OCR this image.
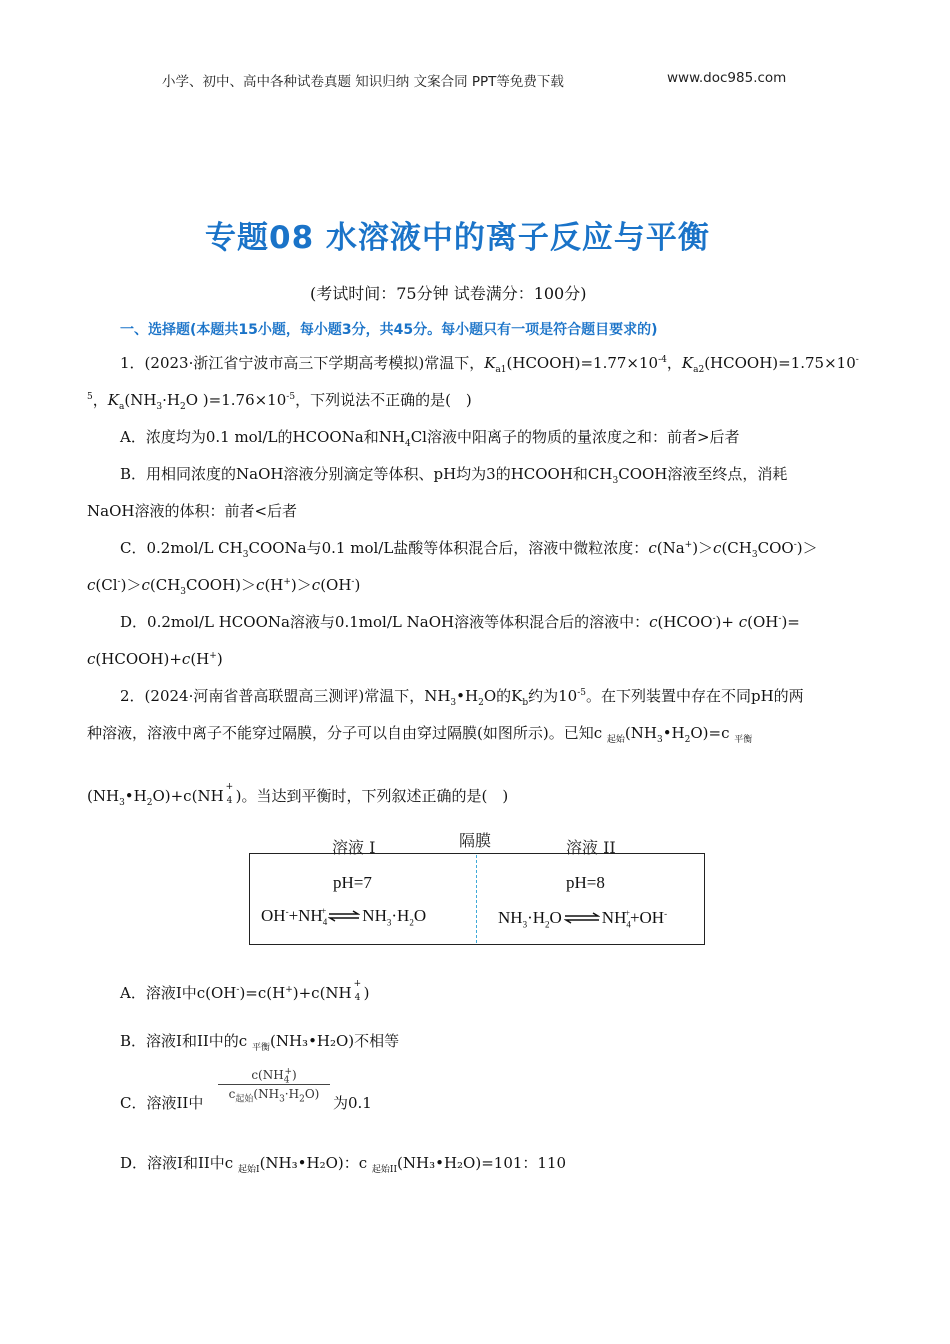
小学、初中、高中各种试卷真题 知识归纳 文案合同 PPT等免费下载	www.doc985.com
专题08 水溶液中的离子反应与平衡
(考试时间：75分钟 试卷满分：100分)
一、选择题(本题共15小题，每小题3分，共45分。每小题只有一项是符合题目要求的)
1．(2023·浙江省宁波市高三下学期高考模拟)常温下，$K_{a1}(HCOOH)=1.77\times 10^{-4}$，$K_{a2}(HCOOH)=1.75\times 10^-$
$^5$，$K_a(NH_3\cdot H_2O$ )$=1.76\times 10^{-5}$，下列说法不正确的是(　)
A．浓度均为0.1 mol/L的HCOONa和$NH_4Cl$溶液中阳离子的物质的量浓度之和：前者>后者
B．用相同浓度的NaOH溶液分别滴定等体积、pH均为3的HCOOH和$CH_3COOH$溶液至终点，消耗
NaOH溶液的体积：前者<后者
C．0.2mol/L $CH_3COONa$与0.1 mol/L盐酸等体积混合后，溶液中微粒浓度：$c(Na^+)>c(CH_3COO^-)>$
$c(Cl^-)>c(CH_3COOH)>c(H^+)>c(OH^-)$
D．0.2mol/L HCOONa溶液与0.1mol/L NaOH溶液等体积混合后的溶液中：c(HCOO-)+ c(OH-)=
c(HCOOH)+c(H+)
2．(2024·河南省普高联盟高三测评)常温下，$NH_3•H_2O$的$K_b$约为$10^{-5}$。在下列装置中存在不同pH的两
种溶液，溶液中离子不能穿过隔膜，分子可以自由穿过隔膜(如图所示)。已知c $_{起始}(NH_3•H_2O)=c$ $_{平衡}$
$(NH_3•H_2O)+c(NH$ +
4 )。当达到平衡时，下列叙述正确的是(　)
溶液 I	隔膜	溶液 II
pH=7	pH=8
$OH^-+NH_4^+$ $NH_3\cdot H_2O$	$NH_3\cdot H_2O$ $NH_4^++OH^-$
A．溶液I中c(OH-)=c(H+)+c(NH +
4 )
B．溶液I和II中的c $_{平衡}$(NH₃•H₂O)不相等
C．溶液II中
$c(NH_4^+)$
$c_{起始}(NH_3\cdot H_2O)$ 为0.1
D．溶液I和II中c $_{起始I}$(NH₃•H₂O)：c $_{起始II}$(NH₃•H₂O)=101：110
